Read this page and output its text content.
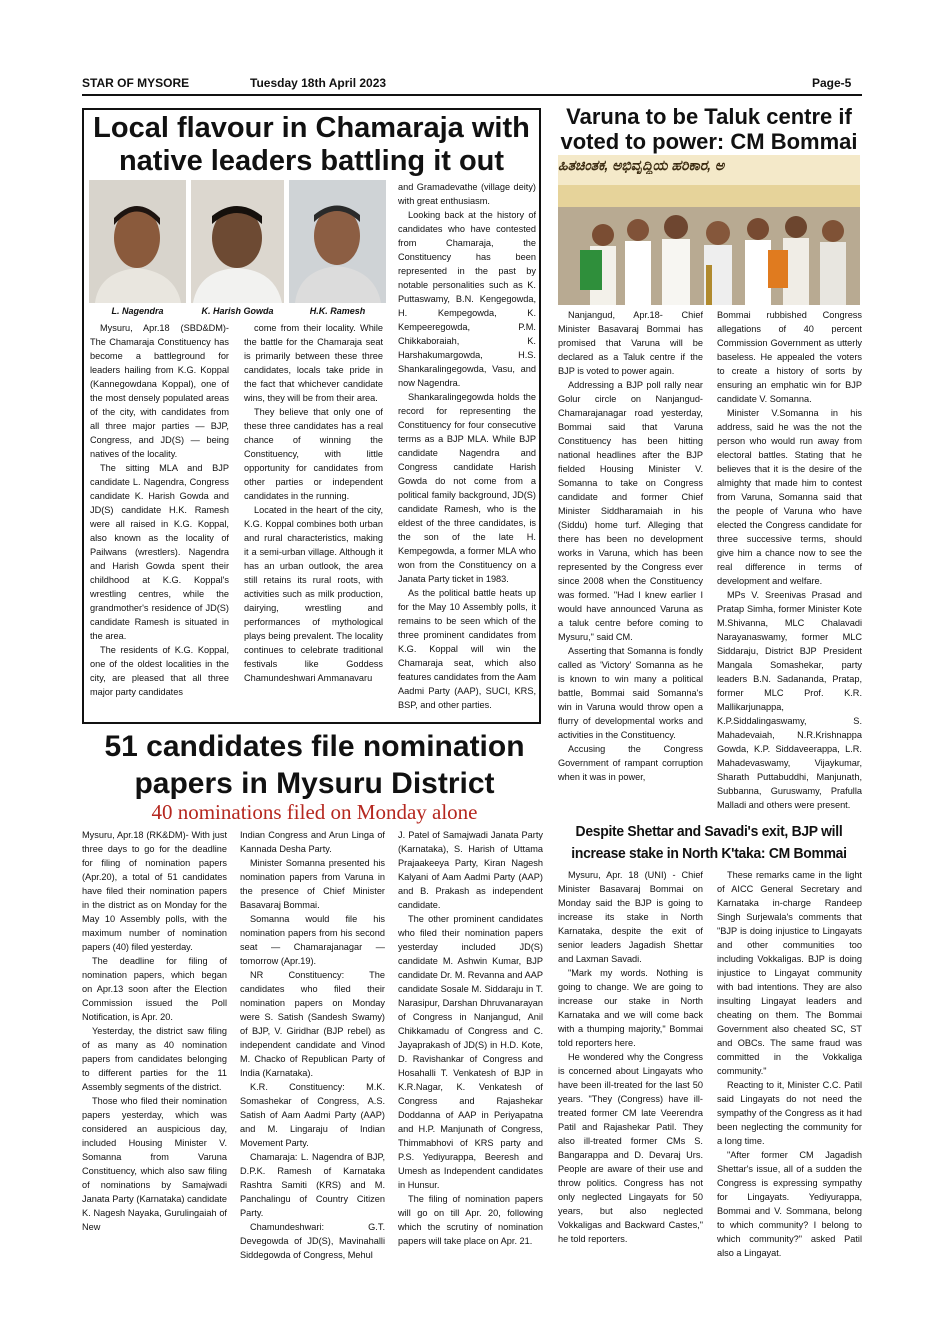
STAR OF MYSORE	Tuesday 18th April 2023	Page-5
Local flavour in Chamaraja with
native leaders battling it out
L. Nagendra	K. Harish Gowda	H.K. Ramesh

Mysuru, Apr.18 (SBD&DM)- The Chamaraja Constituency has become a battleground for leaders hailing from K.G. Koppal (Kannegowdana Koppal), one of the most densely populated areas of the city, with candidates from all three major parties — BJP, Congress, and JD(S) — being natives of the locality.

The sitting MLA and BJP candidate L. Nagendra, Congress candidate K. Harish Gowda and JD(S) candidate H.K. Ramesh were all raised in K.G. Koppal, also known as the locality of Pailwans (wrestlers). Nagendra and Harish Gowda spent their childhood at K.G. Koppal's wrestling centres, while the grandmother's residence of JD(S) candidate Ramesh is situated in the area.

The residents of K.G. Koppal, one of the oldest localities in the city, are pleased that all three major party candidates

come from their locality. While the battle for the Chamaraja seat is primarily between these three candidates, locals take pride in the fact that whichever candidate wins, they will be from their area.

They believe that only one of these three candidates has a real chance of winning the Constituency, with little opportunity for candidates from other parties or independent candidates in the running.

Located in the heart of the city, K.G. Koppal combines both urban and rural characteristics, making it a semi-urban village. Although it has an urban outlook, the area still retains its rural roots, with activities such as milk production, dairying, wrestling and performances of mythological plays being prevalent. The locality continues to celebrate traditional festivals like Goddess Chamundeshwari Ammanavaru

and Gramadevathe (village deity) with great enthusiasm.

Looking back at the history of candidates who have contested from Chamaraja, the Constituency has been represented in the past by notable personalities such as K. Puttaswamy, B.N. Kengegowda, H. Kempegowda, K. Kempeeregowda, P.M. Chikkaboraiah, K. Harshakumargowda, H.S. Shankaralingegowda, Vasu, and now Nagendra.

Shankaralingegowda holds the record for representing the Constituency for four consecutive terms as a BJP MLA. While BJP candidate Nagendra and Congress candidate Harish Gowda do not come from a political family background, JD(S) candidate Ramesh, who is the eldest of the three candidates, is the son of the late H. Kempegowda, a former MLA who won from the Constituency on a Janata Party ticket in 1983.

As the political battle heats up for the May 10 Assembly polls, it remains to be seen which of the three prominent candidates from K.G. Koppal will win the Chamaraja seat, which also features candidates from the Aam Aadmi Party (AAP), SUCI, KRS, BSP, and other parties.

Varuna to be Taluk centre if
voted to power: CM Bommai
ಹಿತಚಿಂತಕ, ಅಭಿವೃದ್ಧಿಯ ಹರಿಕಾರ, ಅ

Nanjangud, Apr.18- Chief Minister Basavaraj Bommai has promised that Varuna will be declared as a Taluk centre if the BJP is voted to power again.

Addressing a BJP poll rally near Golur circle on Nanjangud-Chamarajanagar road yesterday, Bommai said that Varuna Constituency has been hitting national headlines after the BJP fielded Housing Minister V. Somanna to take on Congress candidate and former Chief Minister Siddharamaiah in his (Siddu) home turf. Alleging that there has been no development works in Varuna, which has been represented by the Congress ever since 2008 when the Constituency was formed. "Had I knew earlier I would have announced Varuna as a taluk centre before coming to Mysuru," said CM.

Asserting that Somanna is fondly called as 'Victory' Somanna as he is known to win many a political battle, Bommai said Somanna's win in Varuna would throw open a flurry of developmental works and activities in the Constituency.

Accusing the Congress Government of rampant corruption when it was in power,

Bommai rubbished Congress allegations of 40 percent Commission Government as utterly baseless. He appealed the voters to create a history of sorts by ensuring an emphatic win for BJP candidate V. Somanna.

Minister V.Somanna in his address, said he was the not the person who would run away from electoral battles. Stating that he believes that it is the desire of the almighty that made him to contest from Varuna, Somanna said that the people of Varuna who have elected the Congress candidate for three successive terms, should give him a chance now to see the real difference in terms of development and welfare.

MPs V. Sreenivas Prasad and Pratap Simha, former Minister Kote M.Shivanna, MLC Chalavadi Narayanaswamy, former MLC Siddaraju, District BJP President Mangala Somashekar, party leaders B.N. Sadananda, Pratap, former MLC Prof. K.R. Mallikarjunappa, K.P.Siddalingaswamy, S. Mahadevaiah, N.R.Krishnappa Gowda, K.P. Siddaveerappa, L.R. Mahadevaswamy, Vijaykumar, Sharath Puttabuddhi, Manjunath, Subbanna, Guruswamy, Prafulla Malladi and others were present.

51 candidates file nomination
papers in Mysuru District
40 nominations filed on Monday alone

Mysuru, Apr.18 (RK&DM)- With just three days to go for the deadline for filing of nomination papers (Apr.20), a total of 51 candidates have filed their nomination papers in the district as on Monday for the May 10 Assembly polls, with the maximum number of nomination papers (40) filed yesterday.

The deadline for filing of nomination papers, which began on Apr.13 soon after the Election Commission issued the Poll Notification, is Apr. 20.

Yesterday, the district saw filing of as many as 40 nomination papers from candidates belonging to different parties for the 11 Assembly segments of the district.

Those who filed their nomination papers yesterday, which was considered an auspicious day, included Housing Minister V. Somanna from Varuna Constituency, which also saw filing of nominations by Samajwadi Janata Party (Karnataka) candidate K. Nagesh Nayaka, Gurulingaiah of New

Indian Congress and Arun Linga of Kannada Desha Party.

Minister Somanna presented his nomination papers from Varuna in the presence of Chief Minister Basavaraj Bommai.

Somanna would file his nomination papers from his second seat — Chamarajanagar — tomorrow (Apr.19).

NR Constituency: The candidates who filed their nomination papers on Monday were S. Satish (Sandesh Swamy) of BJP, V. Giridhar (BJP rebel) as independent candidate and Vinod M. Chacko of Republican Party of India (Karnataka).

K.R. Constituency: M.K. Somashekar of Congress, A.S. Satish of Aam Aadmi Party (AAP) and M. Lingaraju of Indian Movement Party.

Chamaraja: L. Nagendra of BJP, D.P.K. Ramesh of Karnataka Rashtra Samiti (KRS) and M. Panchalingu of Country Citizen Party.

Chamundeshwari: G.T. Devegowda of JD(S), Mavinahalli Siddegowda of Congress, Mehul

J. Patel of Samajwadi Janata Party (Karnataka), S. Harish of Uttama Prajaakeeya Party, Kiran Nagesh Kalyani of Aam Aadmi Party (AAP) and B. Prakash as independent candidate.

The other prominent candidates who filed their nomination papers yesterday included JD(S) candidate M. Ashwin Kumar, BJP candidate Dr. M. Revanna and AAP candidate Sosale M. Siddaraju in T. Narasipur, Darshan Dhruvanarayan of Congress in Nanjangud, Anil Chikkamadu of Congress and C. Jayaprakash of JD(S) in H.D. Kote, D. Ravishankar of Congress and Hosahalli T. Venkatesh of BJP in K.R.Nagar, K. Venkatesh of Congress and Rajashekar Doddanna of AAP in Periyapatna and H.P. Manjunath of Congress, Thimmabhovi of KRS party and P.S. Yediyurappa, Beeresh and Umesh as Independent candidates in Hunsur.

The filing of nomination papers will go on till Apr. 20, following which the scrutiny of nomination papers will take place on Apr. 21.

Despite Shettar and Savadi's exit, BJP will
increase stake in North K'taka: CM Bommai

Mysuru, Apr. 18 (UNI) - Chief Minister Basavaraj Bommai on Monday said the BJP is going to increase its stake in North Karnataka, despite the exit of senior leaders Jagadish Shettar and Laxman Savadi.

"Mark my words. Nothing is going to change. We are going to increase our stake in North Karnataka and we will come back with a thumping majority," Bommai told reporters here.

He wondered why the Congress is concerned about Lingayats who have been ill-treated for the last 50 years. "They (Congress) have ill-treated former CM late Veerendra Patil and Rajashekar Patil. They also ill-treated former CMs S. Bangarappa and D. Devaraj Urs. People are aware of their use and throw politics. Congress has not only neglected Lingayats for 50 years, but also neglected Vokkaligas and Backward Castes," he told reporters.

These remarks came in the light of AICC General Secretary and Karnataka in-charge Randeep Singh Surjewala's comments that "BJP is doing injustice to Lingayats and other communities too including Vokkaligas. BJP is doing injustice to Lingayat community with bad intentions. They are also insulting Lingayat leaders and cheating on them. The Bommai Government also cheated SC, ST and OBCs. The same fraud was committed in the Vokkaliga community."

Reacting to it, Minister C.C. Patil said Lingayats do not need the sympathy of the Congress as it had been neglecting the community for a long time.

"After former CM Jagadish Shettar's issue, all of a sudden the Congress is expressing sympathy for Lingayats. Yediyurappa, Bommai and V. Sommana, belong to which community? I belong to which community?" asked Patil also a Lingayat.
